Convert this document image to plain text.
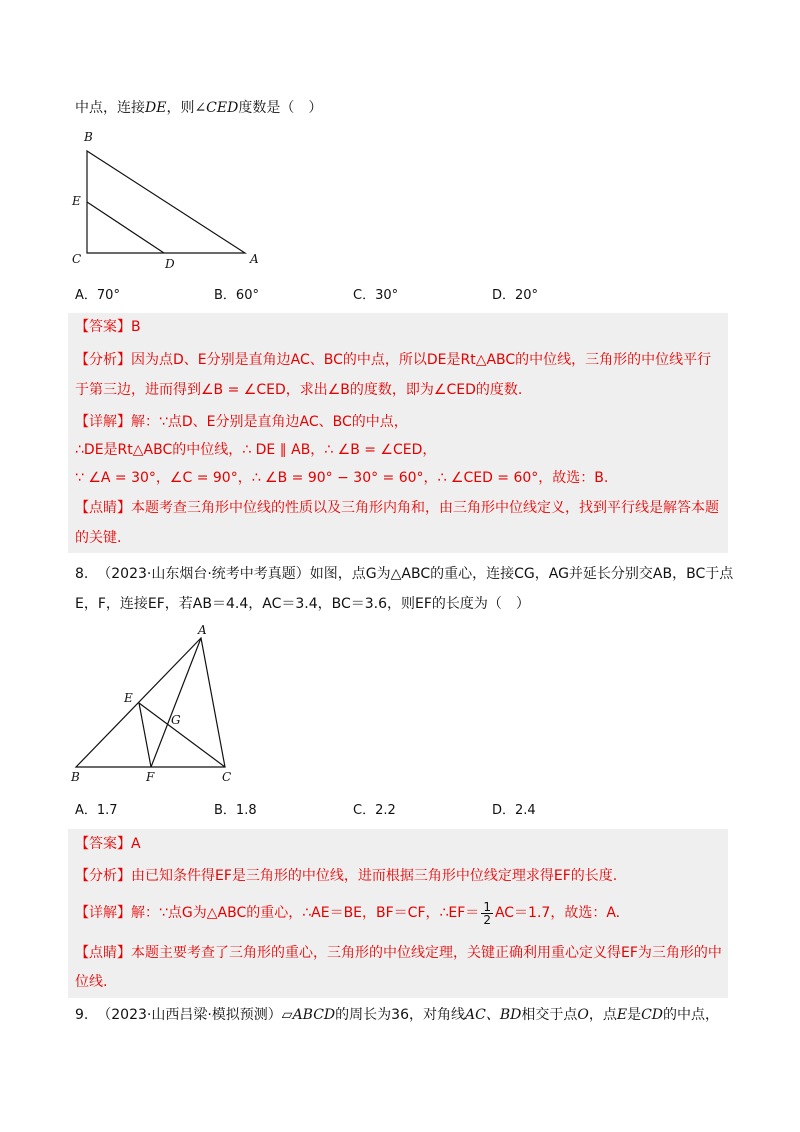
中点，连接DE，则∠CED度数是（　）
B
E
C	D	A
A．70°	B．60°	C．30°	D．20°
【答案】B
【分析】因为点D、E分别是直角边AC、BC的中点，所以DE是Rt△ABC的中位线，三角形的中位线平行
于第三边，进而得到∠B = ∠CED，求出∠B的度数，即为∠CED的度数.
【详解】解：∵点D、E分别是直角边AC、BC的中点，
∴DE是Rt△ABC的中位线，∴ DE ∥ AB，∴ ∠B = ∠CED，
∵ ∠A = 30°，∠C = 90°，∴ ∠B = 90° − 30° = 60°，∴ ∠CED = 60°，故选：B.
【点睛】本题考查三角形中位线的性质以及三角形内角和，由三角形中位线定义，找到平行线是解答本题
的关键.
8. （2023·山东烟台·统考中考真题）如图，点G为△ABC的重心，连接CG，AG并延长分别交AB，BC于点
E，F，连接EF，若AB＝4.4，AC＝3.4，BC＝3.6，则EF的长度为（　）
A
E
G
B	F	C
A．1.7	B．1.8	C．2.2	D．2.4
【答案】A
【分析】由已知条件得EF是三角形的中位线，进而根据三角形中位线定理求得EF的长度.
【详解】解：∵点G为△ABC的重心，∴AE＝BE，BF＝CF，∴EF＝ $\frac{1}{2} AC=1.7$，故选：A.
【点睛】本题主要考查了三角形的重心，三角形的中位线定理，关键正确利用重心定义得EF为三角形的中
位线.
9. （2023·山西吕梁·模拟预测）▱ABCD的周长为36，对角线AC、BD相交于点O，点E是CD的中点，
